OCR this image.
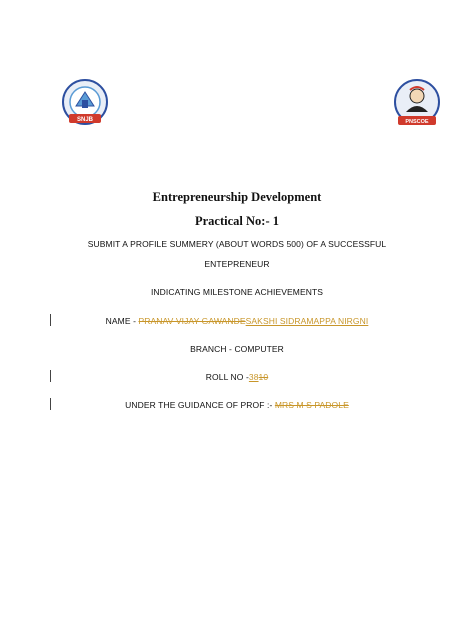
SNJB	PNSCOE
Entrepreneurship Development
Practical No:- 1
SUBMIT A PROFILE SUMMERY (ABOUT WORDS 500) OF A SUCCESSFUL
ENTEPRENEUR
INDICATING MILESTONE ACHIEVEMENTS
NAME - PRANAV VIJAY GAWANDESAKSHI SIDRAMAPPA NIRGNI
BRANCH - COMPUTER
ROLL NO -3810
UNDER THE GUIDANCE OF PROF :- MRS M S PADOLE
